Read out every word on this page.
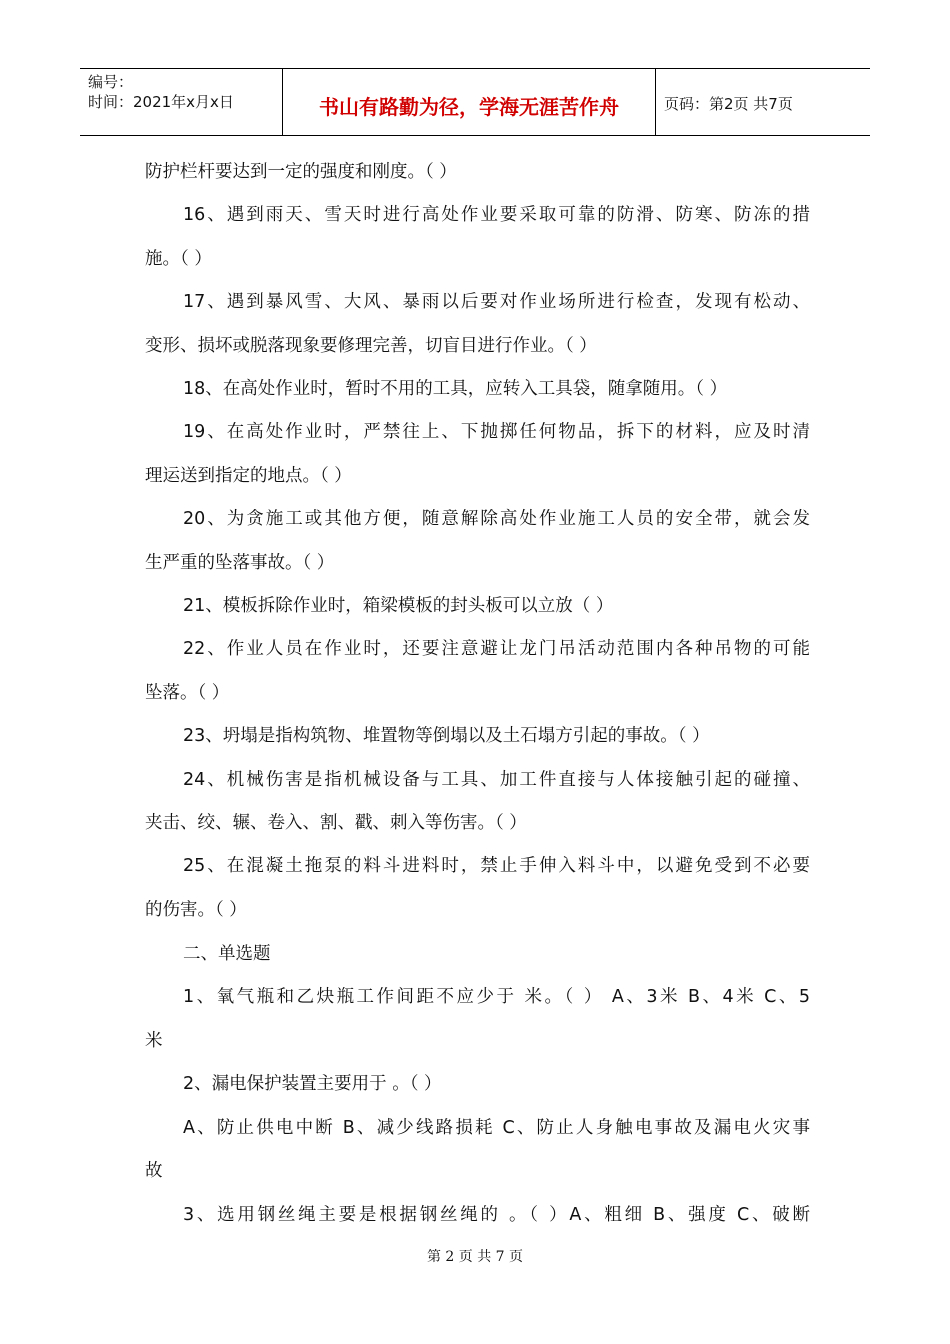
编号：
时间：2021年x月x日	书山有路勤为径，学海无涯苦作舟	页码：第2页 共7页
防护栏杆要达到一定的强度和刚度。（ ）
16、遇到雨天、雪天时进行高处作业要采取可靠的防滑、防寒、防冻的措
施。（ ）
17、遇到暴风雪、大风、暴雨以后要对作业场所进行检查，发现有松动、
变形、损坏或脱落现象要修理完善，切盲目进行作业。（ ）
18、在高处作业时，暂时不用的工具，应转入工具袋，随拿随用。（ ）
19、在高处作业时，严禁往上、下抛掷任何物品，拆下的材料，应及时清
理运送到指定的地点。（ ）
20、为贪施工或其他方便，随意解除高处作业施工人员的安全带，就会发
生严重的坠落事故。（ ）
21、模板拆除作业时，箱梁模板的封头板可以立放（ ）
22、作业人员在作业时，还要注意避让龙门吊活动范围内各种吊物的可能
坠落。（ ）
23、坍塌是指构筑物、堆置物等倒塌以及土石塌方引起的事故。（ ）
24、机械伤害是指机械设备与工具、加工件直接与人体接触引起的碰撞、
夹击、绞、辗、卷入、割、戳、刺入等伤害。（ ）
25、在混凝土拖泵的料斗进料时，禁止手伸入料斗中，以避免受到不必要
的伤害。（ ）
二、单选题
1、氧气瓶和乙炔瓶工作间距不应少于 米。（ ） A、3米 B、4米 C、5
米
2、漏电保护装置主要用于 。（ ）
A、防止供电中断 B、减少线路损耗 C、防止人身触电事故及漏电火灾事
故
3、选用钢丝绳主要是根据钢丝绳的 。（ ）A、粗细 B、强度 C、破断
第 2 页 共 7 页
